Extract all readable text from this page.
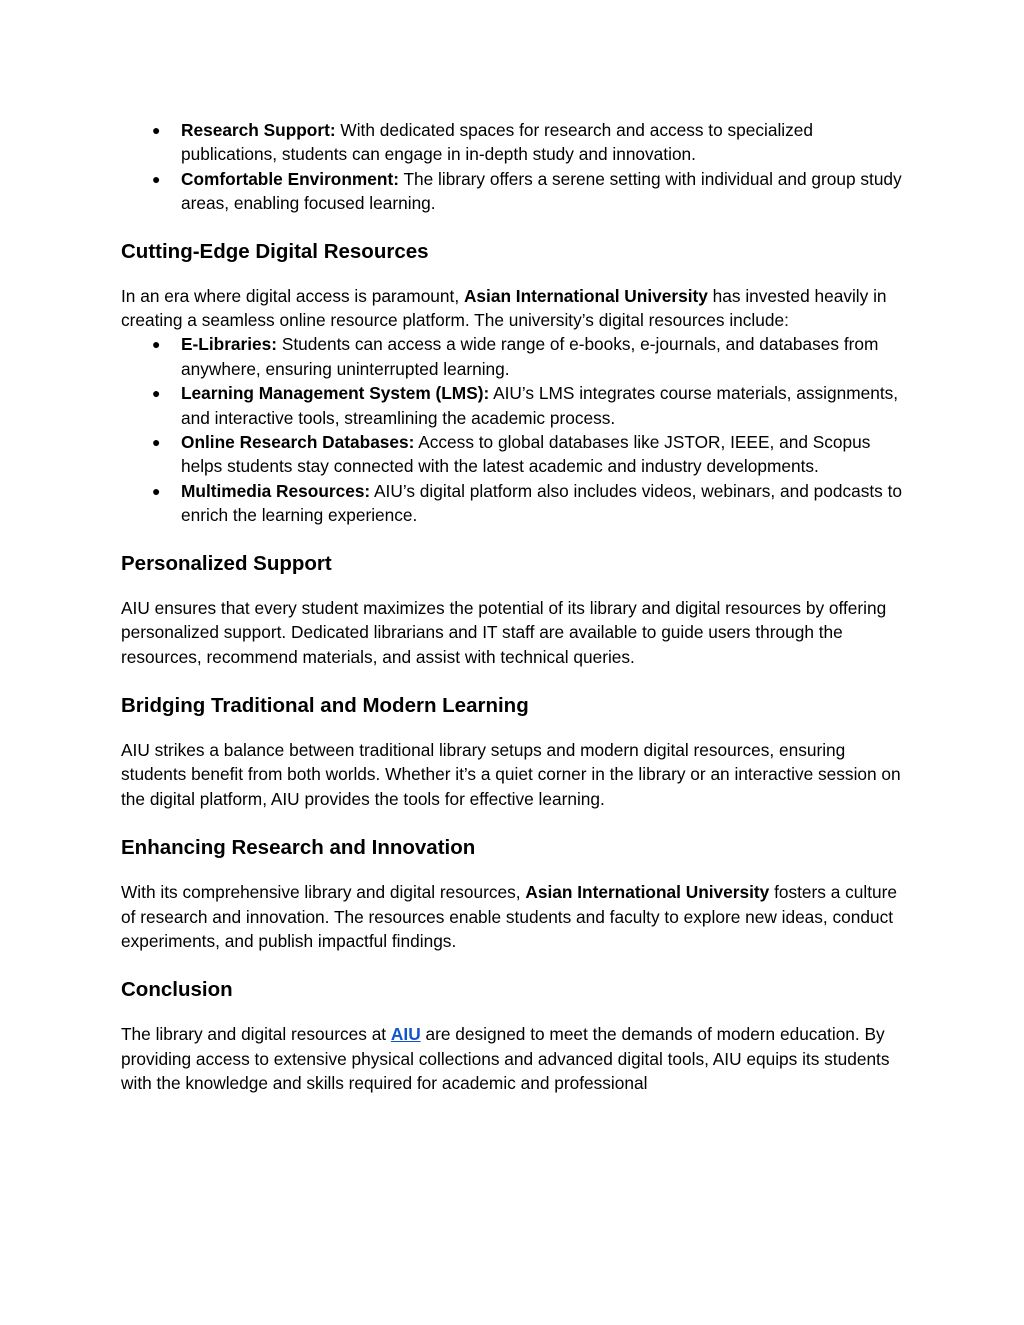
● Research Support: With dedicated spaces for research and access to specialized publications, students can engage in in-depth study and innovation.
● Comfortable Environment: The library offers a serene setting with individual and group study areas, enabling focused learning.
Cutting-Edge Digital Resources

In an era where digital access is paramount, Asian International University has invested heavily in creating a seamless online resource platform. The university’s digital resources include:

● E-Libraries: Students can access a wide range of e-books, e-journals, and databases from anywhere, ensuring uninterrupted learning.
● Learning Management System (LMS): AIU’s LMS integrates course materials, assignments, and interactive tools, streamlining the academic process.
● Online Research Databases: Access to global databases like JSTOR, IEEE, and Scopus helps students stay connected with the latest academic and industry developments.
● Multimedia Resources: AIU’s digital platform also includes videos, webinars, and podcasts to enrich the learning experience.
Personalized Support

AIU ensures that every student maximizes the potential of its library and digital resources by offering personalized support. Dedicated librarians and IT staff are available to guide users through the resources, recommend materials, and assist with technical queries.

Bridging Traditional and Modern Learning

AIU strikes a balance between traditional library setups and modern digital resources, ensuring students benefit from both worlds. Whether it’s a quiet corner in the library or an interactive session on the digital platform, AIU provides the tools for effective learning.

Enhancing Research and Innovation

With its comprehensive library and digital resources, Asian International University fosters a culture of research and innovation. The resources enable students and faculty to explore new ideas, conduct experiments, and publish impactful findings.

Conclusion

The library and digital resources at AIU are designed to meet the demands of modern education. By providing access to extensive physical collections and advanced digital tools, AIU equips its students with the knowledge and skills required for academic and professional
